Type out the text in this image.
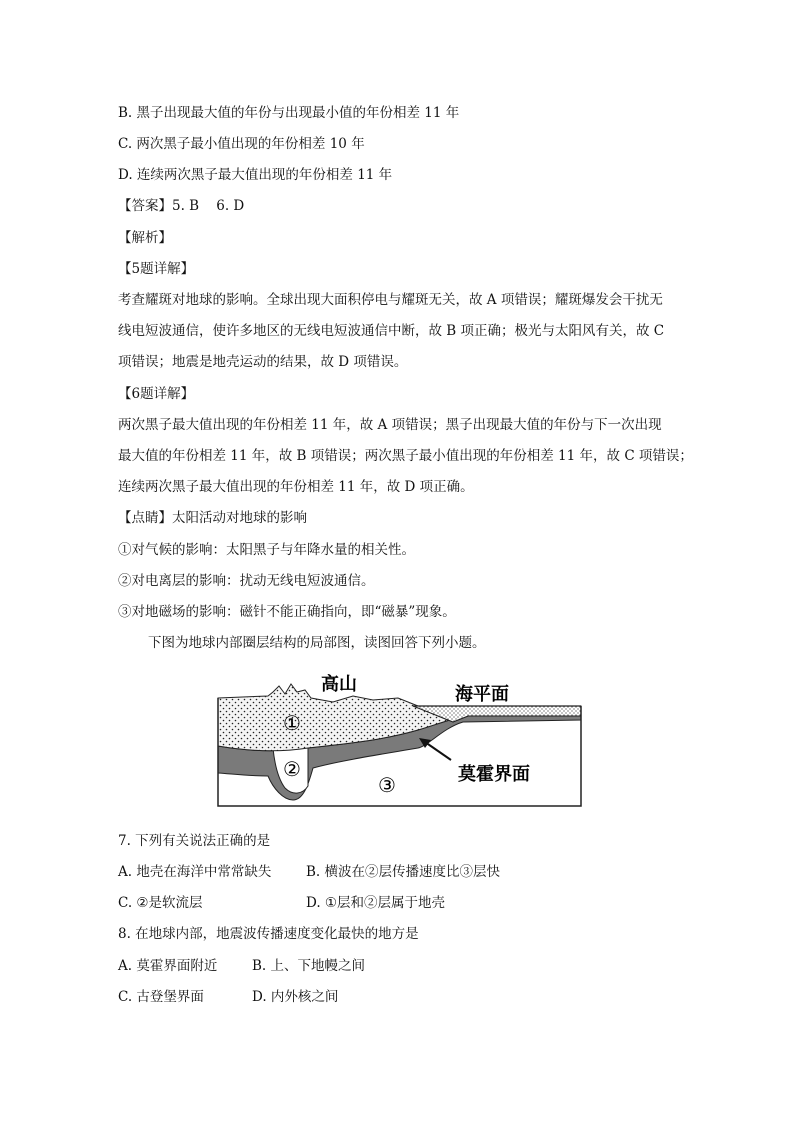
B. 黑子出现最大值的年份与出现最小值的年份相差 11 年
C. 两次黑子最小值出现的年份相差 10 年
D. 连续两次黑子最大值出现的年份相差 11 年
【答案】5. B    6. D
【解析】
【5题详解】
考查耀斑对地球的影响。全球出现大面积停电与耀斑无关，故 A 项错误；耀斑爆发会干扰无
线电短波通信，使许多地区的无线电短波通信中断，故 B 项正确；极光与太阳风有关，故 C
项错误；地震是地壳运动的结果，故 D 项错误。
【6题详解】
两次黑子最大值出现的年份相差 11 年，故 A 项错误；黑子出现最大值的年份与下一次出现
最大值的年份相差 11 年，故 B 项错误；两次黑子最小值出现的年份相差 11 年，故 C 项错误；
连续两次黑子最大值出现的年份相差 11 年，故 D 项正确。
【点睛】太阳活动对地球的影响
①对气候的影响：太阳黑子与年降水量的相关性。
②对电离层的影响：扰动无线电短波通信。
③对地磁场的影响：磁针不能正确指向，即“磁暴”现象。
下图为地球内部圈层结构的局部图，读图回答下列小题。
高山	海平面
莫霍界面
①
②
③
7. 下列有关说法正确的是
A. 地壳在海洋中常常缺失	B. 横波在②层传播速度比③层快
C. ②是软流层	D. ①层和②层属于地壳
8. 在地球内部，地震波传播速度变化最快的地方是
A. 莫霍界面附近	B. 上、下地幔之间
C. 古登堡界面	D. 内外核之间
